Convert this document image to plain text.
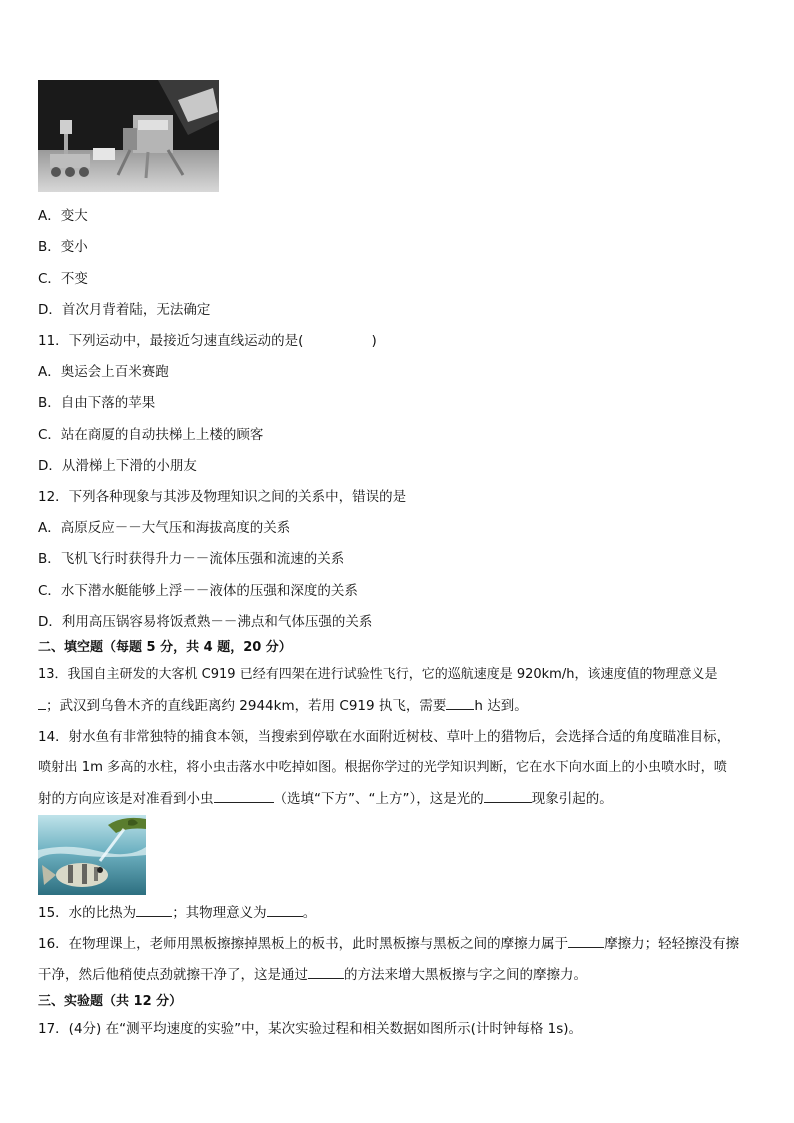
A．变大
B．变小
C．不变
D．首次月背着陆，无法确定
11．下列运动中，最接近匀速直线运动的是(	)
A．奥运会上百米赛跑
B．自由下落的苹果
C．站在商厦的自动扶梯上上楼的顾客
D．从滑梯上下滑的小朋友
12．下列各种现象与其涉及物理知识之间的关系中，错误的是
A．高原反应－－大气压和海拔高度的关系
B．飞机飞行时获得升力－－流体压强和流速的关系
C．水下潜水艇能够上浮－－液体的压强和深度的关系
D．利用高压锅容易将饭煮熟－－沸点和气体压强的关系
二、填空题（每题 5 分，共 4 题，20 分）
13．我国自主研发的大客机 C919 已经有四架在进行试验性飞行，它的巡航速度是 920km/h，该速度值的物理意义是
；武汉到乌鲁木齐的直线距离约 2944km，若用 C919 执飞，需要 h 达到。
14．射水鱼有非常独特的捕食本领，当搜索到停歇在水面附近树枝、草叶上的猎物后，会选择合适的角度瞄准目标，
喷射出 1m 多高的水柱，将小虫击落水中吃掉如图。根据你学过的光学知识判断，它在水下向水面上的小虫喷水时，喷
射的方向应该是对准看到小虫	（选填“下方”、“上方”），这是光的	现象引起的。
15．水的比热为	；其物理意义为	。
16．在物理课上，老师用黑板擦擦掉黑板上的板书，此时黑板擦与黑板之间的摩擦力属于	摩擦力；轻轻擦没有擦
干净，然后他稍使点劲就擦干净了，这是通过	的方法来增大黑板擦与字之间的摩擦力。
三、实验题（共 12 分）
17．(4分) 在“测平均速度的实验”中，某次实验过程和相关数据如图所示(计时钟每格 1s)。
